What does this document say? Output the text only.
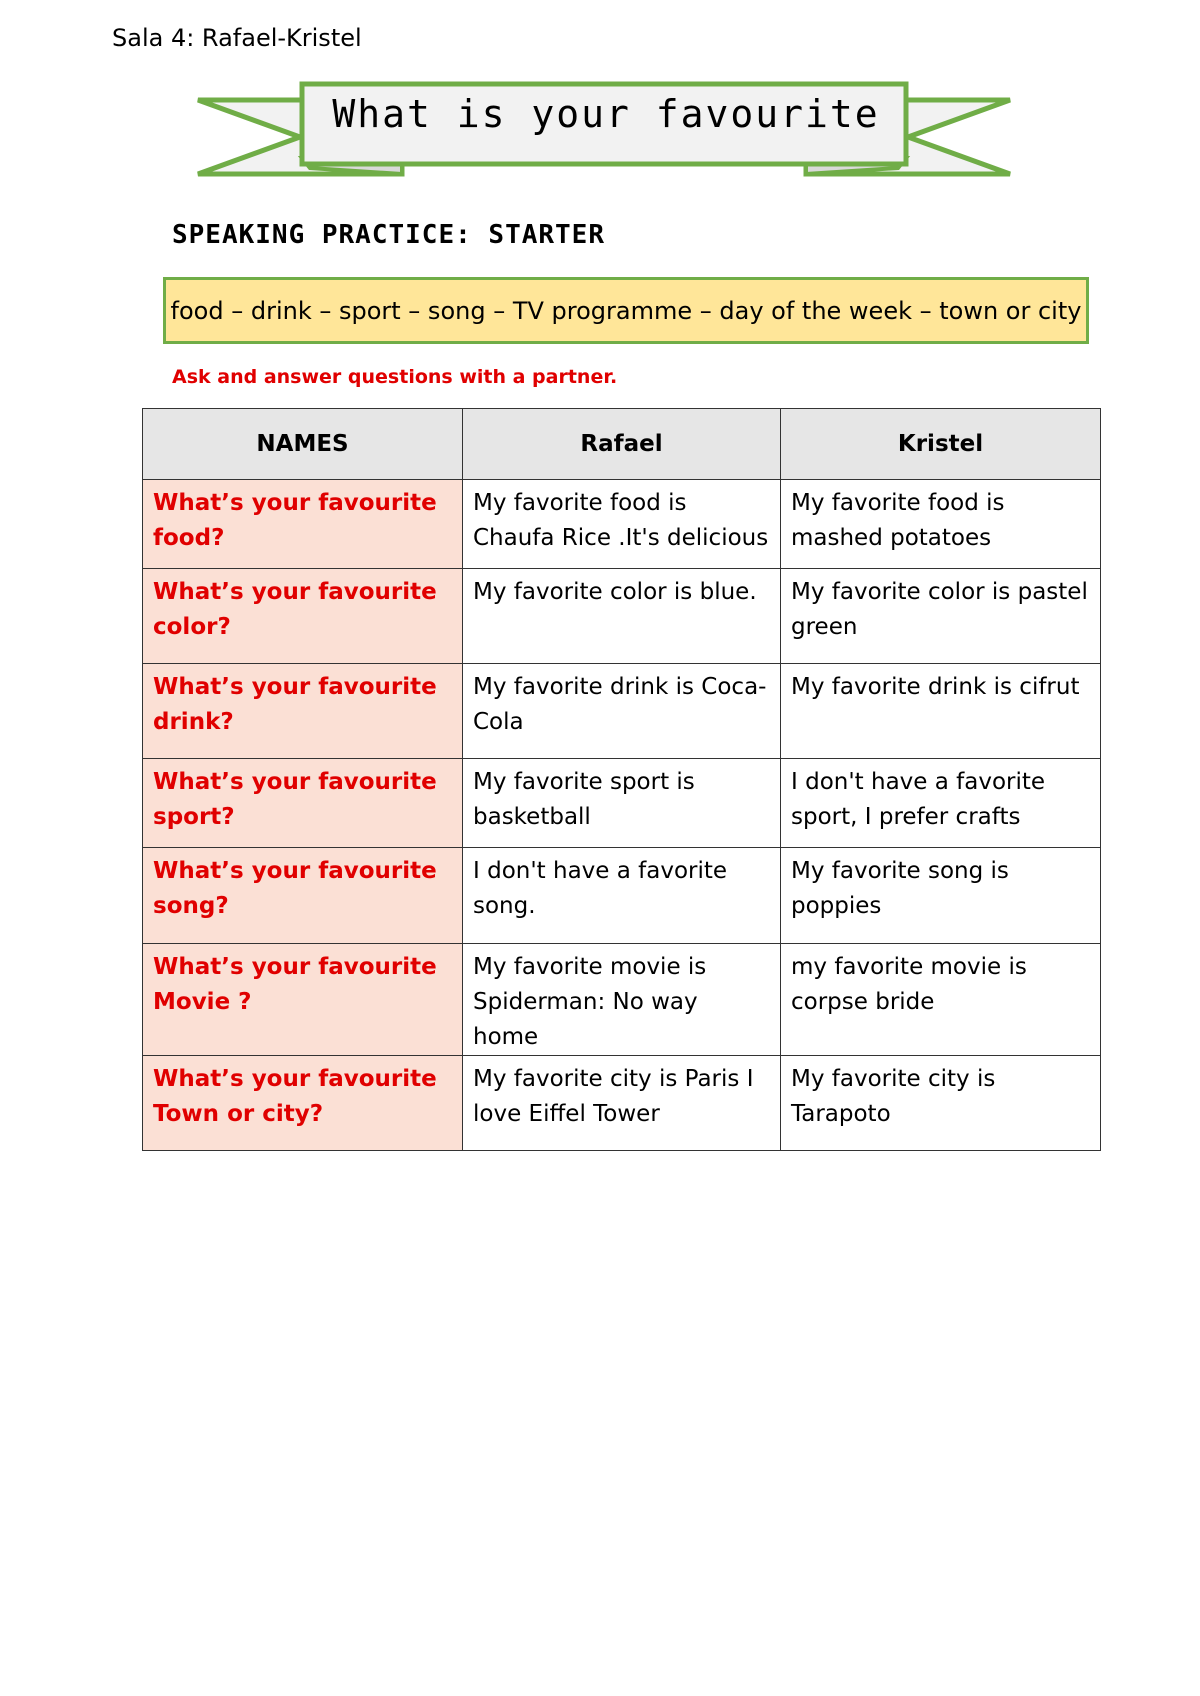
Sala 4: Rafael-Kristel
What is your favourite
SPEAKING PRACTICE: STARTER
food – drink – sport – song – TV programme – day of the week – town or city
Ask and answer questions with a partner.
NAMES	Rafael	Kristel
What’s your favourite food?	My favorite food is Chaufa Rice .It's delicious	My favorite food is mashed potatoes
What’s your favourite color?	My favorite color is blue.	My favorite color is pastel green
What’s your favourite drink?	My favorite drink is Coca-Cola	My favorite drink is cifrut
What’s your favourite sport?	My favorite sport is basketball	I don't have a favorite sport, I prefer crafts
What’s your favourite song?	I don't have a favorite song.	My favorite song is poppies
What’s your favourite Movie ?	My favorite movie is Spiderman: No way home	my favorite movie is corpse bride
What’s your favourite Town or city?	My favorite city is Paris I love Eiffel Tower	My favorite city is Tarapoto
